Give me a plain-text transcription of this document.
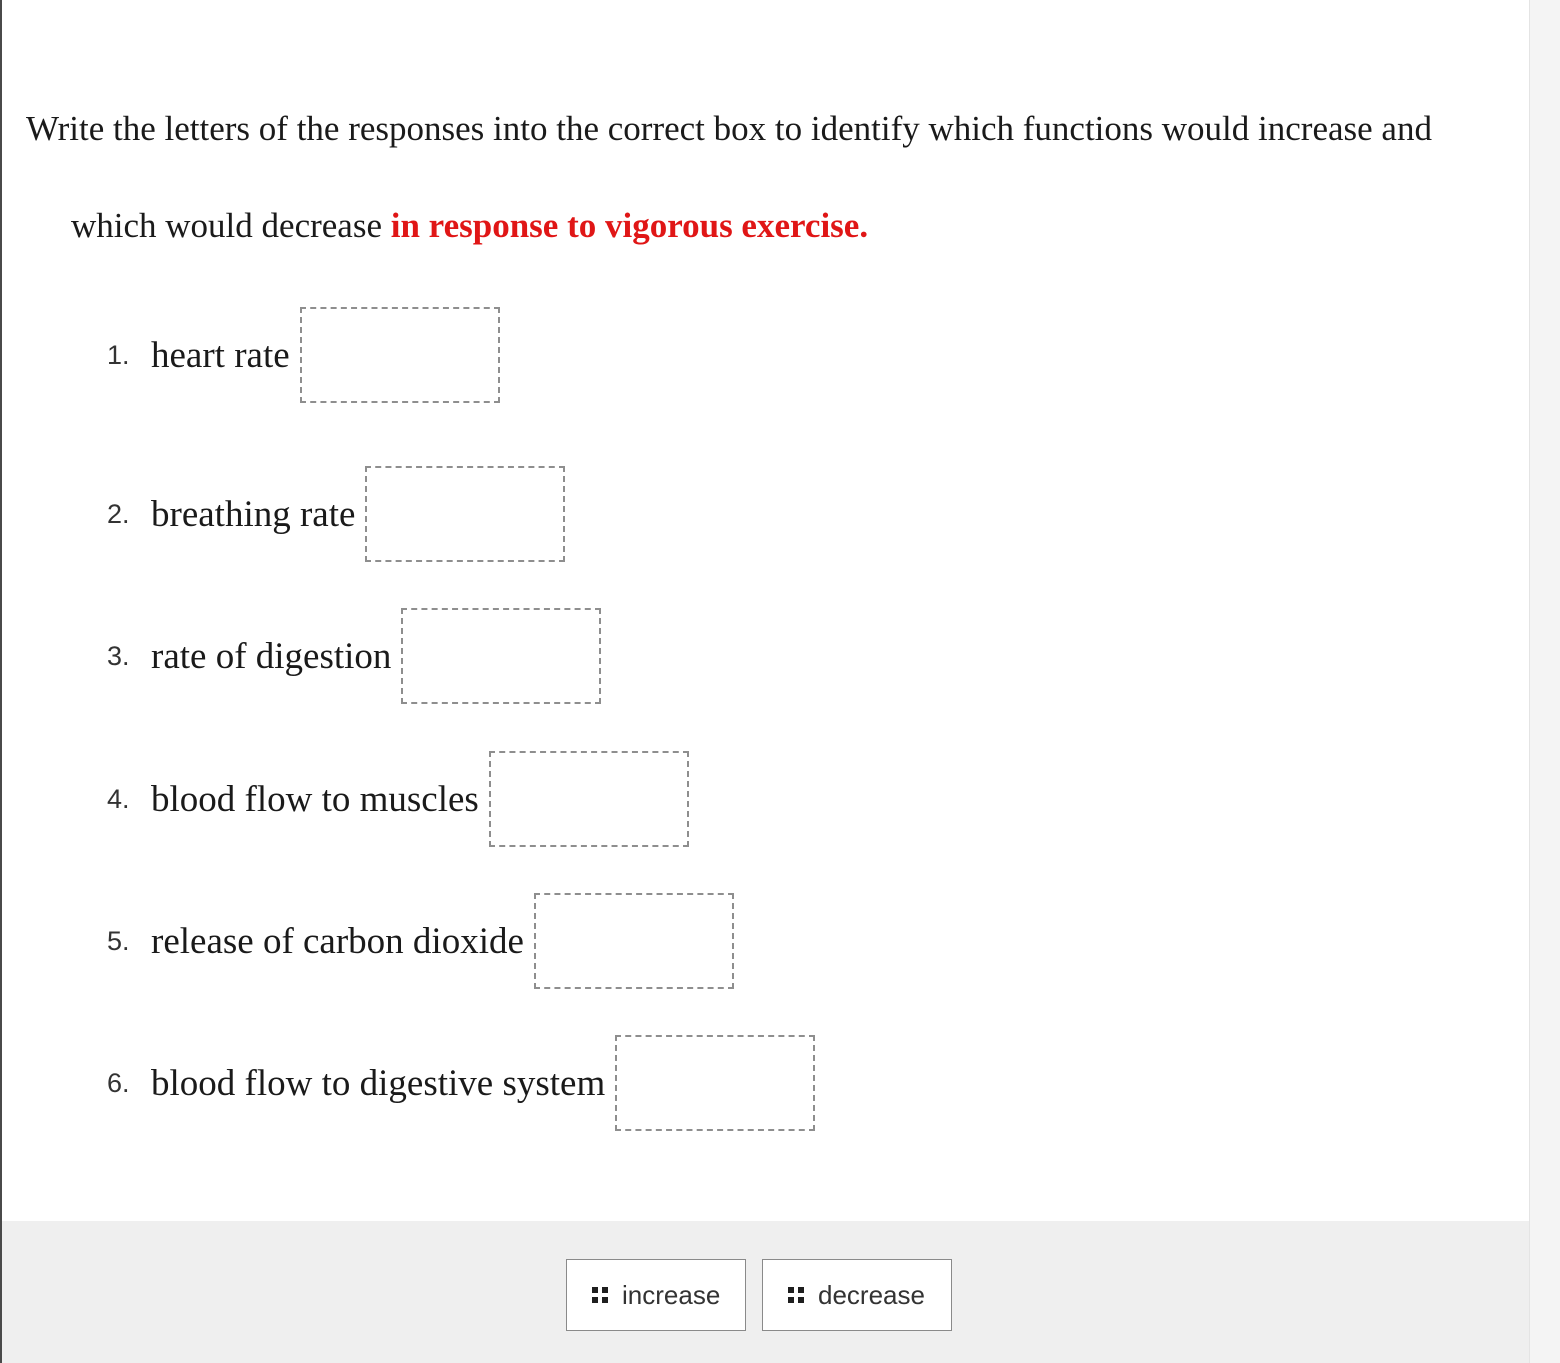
Write the letters of the responses into the correct box to identify which functions would increase and
which would decrease in response to vigorous exercise.

1. heart rate
2. breathing rate
3. rate of digestion
4. blood flow to muscles
5. release of carbon dioxide
6. blood flow to digestive system
increase	decrease
